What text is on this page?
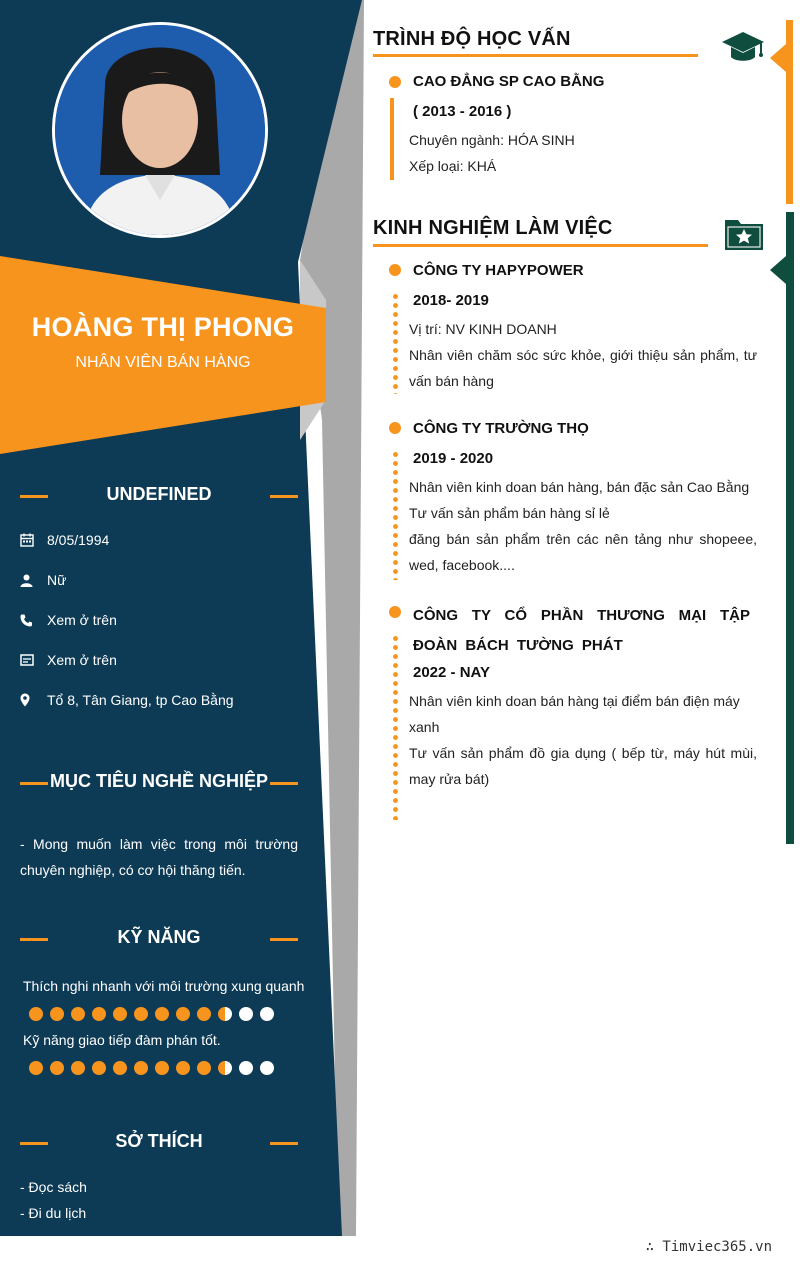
HOÀNG THỊ PHONG
NHÂN VIÊN BÁN HÀNG
UNDEFINED
8/05/1994
Nữ
Xem ở trên
Xem ở trên
Tổ 8, Tân Giang, tp Cao Bằng
MỤC TIÊU NGHỀ NGHIỆP
- Mong muốn làm việc trong môi trường chuyên nghiệp, có cơ hội thăng tiến.
KỸ NĂNG
Thích nghi nhanh với môi trường xung quanh
Kỹ năng giao tiếp đàm phán tốt.
SỞ THÍCH
- Đọc sách
- Đi du lịch
TRÌNH ĐỘ HỌC VẤN
CAO ĐẲNG SP CAO BẰNG
( 2013 - 2016 )
Chuyên ngành: HÓA SINH
Xếp loại: KHÁ
KINH NGHIỆM LÀM VIỆC
CÔNG TY HAPYPOWER
2018- 2019
Vị trí: NV KINH DOANH
Nhân viên chăm sóc sức khỏe, giới thiệu sản phẩm, tư vấn bán hàng
CÔNG TY TRƯỜNG THỌ
2019 - 2020
Nhân viên kinh doan bán hàng, bán đặc sản Cao Bằng
Tư vấn sản phẩm bán hàng sỉ lẻ
đăng bán sản phẩm trên các nên tảng như shopeee, wed, facebook....
CÔNG TY CỔ PHẦN THƯƠNG MẠI TẬP ĐOÀN BÁCH TƯỜNG PHÁT
2022 - NAY
Nhân viên kinh doan bán hàng tại điểm bán điện máy xanh
Tư vấn sản phẩm đồ gia dụng ( bếp từ, máy hút mùi, may rửa bát)
∴ Timviec365.vn
